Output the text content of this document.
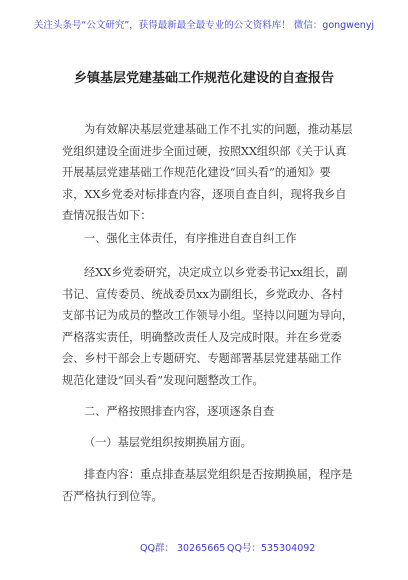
关注头条号“公文研究”，获得最新最全最专业的公文资料库！ 微信：gongwenyj
乡镇基层党建基础工作规范化建设的自查报告
为有效解决基层党建基础工作不扎实的问题，推动基层
党组织建设全面进步全面过硬，按照XX组织部《关于认真
开展基层党建基础工作规范化建设“回头看”的通知》要
求，XX乡党委对标排查内容，逐项自查自纠，现将我乡自
查情况报告如下：
一、强化主体责任，有序推进自查自纠工作
经XX乡党委研究，决定成立以乡党委书记xx组长，副
书记、宣传委员、统战委员xx为副组长，乡党政办、各村
支部书记为成员的整改工作领导小组。坚持以问题为导向，
严格落实责任，明确整改责任人及完成时限。并在乡党委
会、乡村干部会上专题研究、专题部署基层党建基础工作
规范化建设“回头看”发现问题整改工作。
二、严格按照排查内容，逐项逐条自查
（一）基层党组织按期换届方面。
排查内容：重点排查基层党组织是否按期换届，程序是
否严格执行到位等。
QQ群： 30265665 QQ号：535304092
